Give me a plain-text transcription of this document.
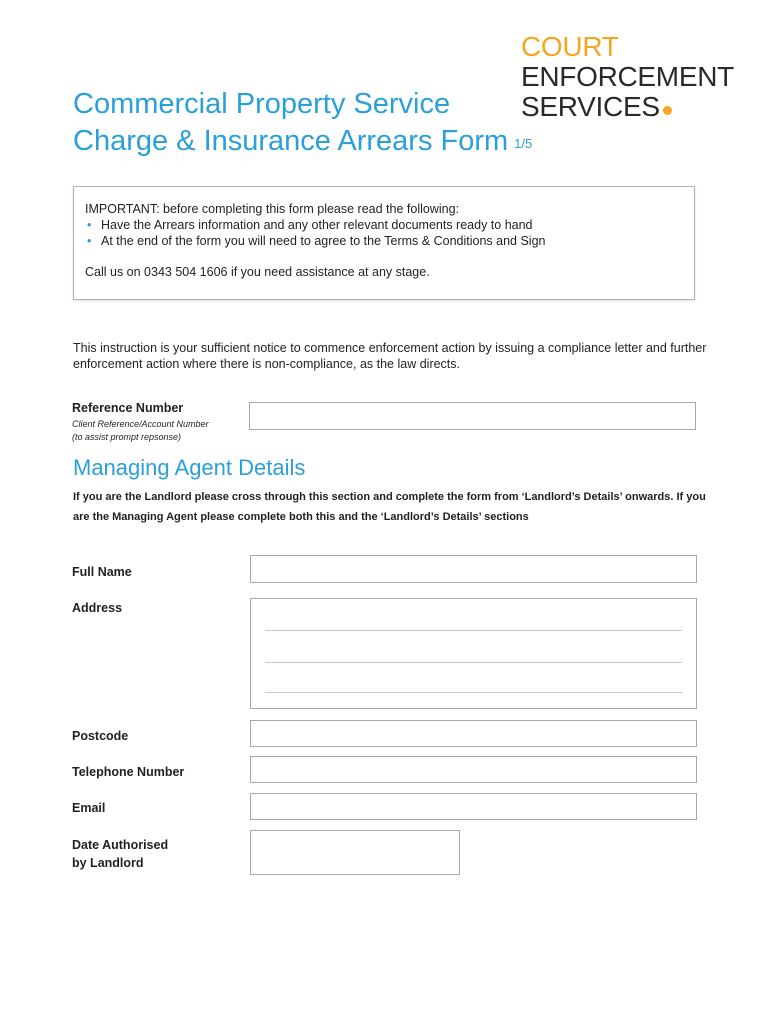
COURT
ENFORCEMENT
SERVICES
Commercial Property Service
Charge & Insurance Arrears Form 1/5
IMPORTANT: before completing this form please read the following:
• Have the Arrears information and any other relevant documents ready to hand
• At the end of the form you will need to agree to the Terms & Conditions and Sign
Call us on 0343 504 1606 if you need assistance at any stage.
This instruction is your sufficient notice to commence enforcement action by issuing a compliance letter and further enforcement action where there is non-compliance, as the law directs.
Reference Number
Client Reference/Account Number
(to assist prompt repsonse)
Managing Agent Details
If you are the Landlord please cross through this section and complete the form from ‘Landlord’s Details’ onwards. If you are the Managing Agent please complete both this and the ‘Landlord’s Details’ sections
Full Name
Address
Postcode
Telephone Number
Email
Date Authorised
by Landlord
